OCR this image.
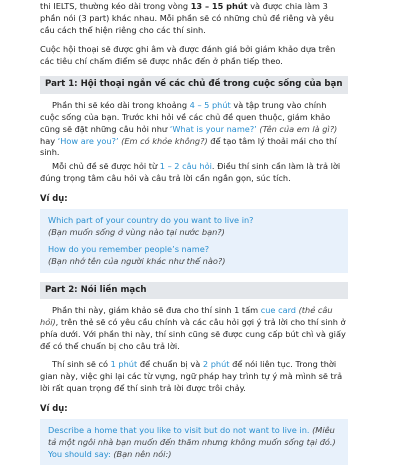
thi IELTS, thường kéo dài trong vòng 13 – 15 phút và được chia làm 3 phần nói (3 part) khác nhau. Mỗi phần sẽ có những chủ đề riêng và yêu cầu cách thể hiện riêng cho các thí sinh.

Cuộc hội thoại sẽ được ghi âm và được đánh giá bởi giám khảo dựa trên các tiêu chí chấm điểm sẽ được nhắc đến ở phần tiếp theo.

Part 1: Hội thoại ngắn về các chủ đề trong cuộc sống của bạn

Phần thi sẽ kéo dài trong khoảng 4 – 5 phút và tập trung vào chính cuộc sống của bạn. Trước khi hỏi về các chủ đề quen thuộc, giám khảo cũng sẽ đặt những câu hỏi như ‘What is your name?’ (Tên của em là gì?) hay ‘How are you?’ (Em có khỏe không?) để tạo tâm lý thoải mái cho thí sinh.

Mỗi chủ đề sẽ được hỏi từ 1 – 2 câu hỏi. Điều thí sinh cần làm là trả lời đúng trọng tâm câu hỏi và câu trả lời cần ngắn gọn, súc tích.

Ví dụ:

Which part of your country do you want to live in?

(Bạn muốn sống ở vùng nào tại nước bạn?)

How do you remember people’s name?

(Bạn nhớ tên của người khác như thế nào?)

Part 2: Nói liền mạch

Phần thi này, giám khảo sẽ đưa cho thí sinh 1 tấm cue card (thẻ câu hỏi), trên thẻ sẽ có yêu cầu chính và các câu hỏi gợi ý trả lời cho thí sinh ở phía dưới. Với phần thi này, thí sinh cũng sẽ được cung cấp bút chì và giấy để có thể chuẩn bị cho câu trả lời.

Thí sinh sẽ có 1 phút để chuẩn bị và 2 phút để nói liên tục. Trong thời gian này, việc ghi lại các từ vựng, ngữ pháp hay trình tự ý mà mình sẽ trả lời rất quan trọng để thí sinh trả lời được trôi chảy.

Ví dụ:

Describe a home that you like to visit but do not want to live in. (Miêu tả một ngôi nhà bạn muốn đến thăm nhưng không muốn sống tại đó.)

You should say: (Bạn nên nói:)
